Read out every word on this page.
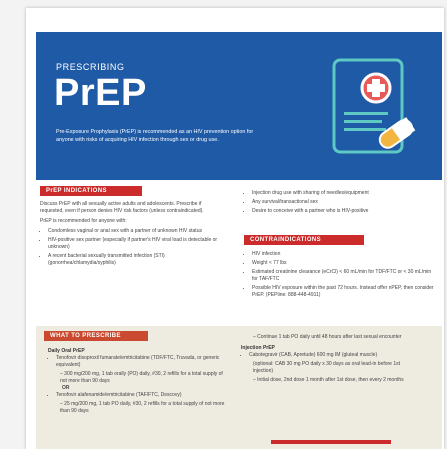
PRESCRIBING
PrEP
Pre-Exposure Prophylaxis (PrEP) is recommended as an HIV prevention option for anyone with risks of acquiring HIV infection through sex or drug use.
PrEP INDICATIONS
Discuss PrEP with all sexually active adults and adolescents. Prescribe if requested, even if person denies HIV risk factors (unless contraindicated).
PrEP is recommended for anyone with:
• Condomless vaginal or anal sex with a partner of unknown HIV status
• HIV-positive sex partner (especially if partner's HIV viral load is detectable or unknown)
• A recent bacterial sexually transmitted infection (STI) (gonorrhea/chlamydia/syphilis)
• Injection drug use with sharing of needles/equipment
• Any survival/transactional sex
• Desire to conceive with a partner who is HIV-positive
CONTRAINDICATIONS
• HIV infection
• Weight < 77 lbs
• Estimated creatinine clearance (eCrCl) < 60 mL/min for TDF/FTC or < 30 mL/min for TAF/FTC
• Possible HIV exposure within the past 72 hours. Instead offer nPEP, then consider PrEP. (PEPline: 888-448-4911)
WHAT TO PRESCRIBE
Daily Oral PrEP
• Tenofovir disoproxil fumarate/emtricitabine (TDF/FTC, Truvada, or generic equivalent)
– 300 mg/200 mg, 1 tab orally (PO) daily, #30, 2 refills for a total supply of not more than 90 days
OR
• Tenofovir alafenamide/emtricitabine (TAF/FTC, Descovy)
– 25 mg/200 mg, 1 tab PO daily, #30, 2 refills for a total supply of not more than 90 days
– Continue 1 tab PO daily until 48 hours after last sexual encounter
Injection PrEP
• Cabotegravir (CAB, Apretude) 600 mg IM (gluteal muscle)
(optional: CAB 30 mg PO daily x 30 days as oral lead-in before 1st injection)
– Initial dose, 2nd dose 1 month after 1st dose, then every 2 months
